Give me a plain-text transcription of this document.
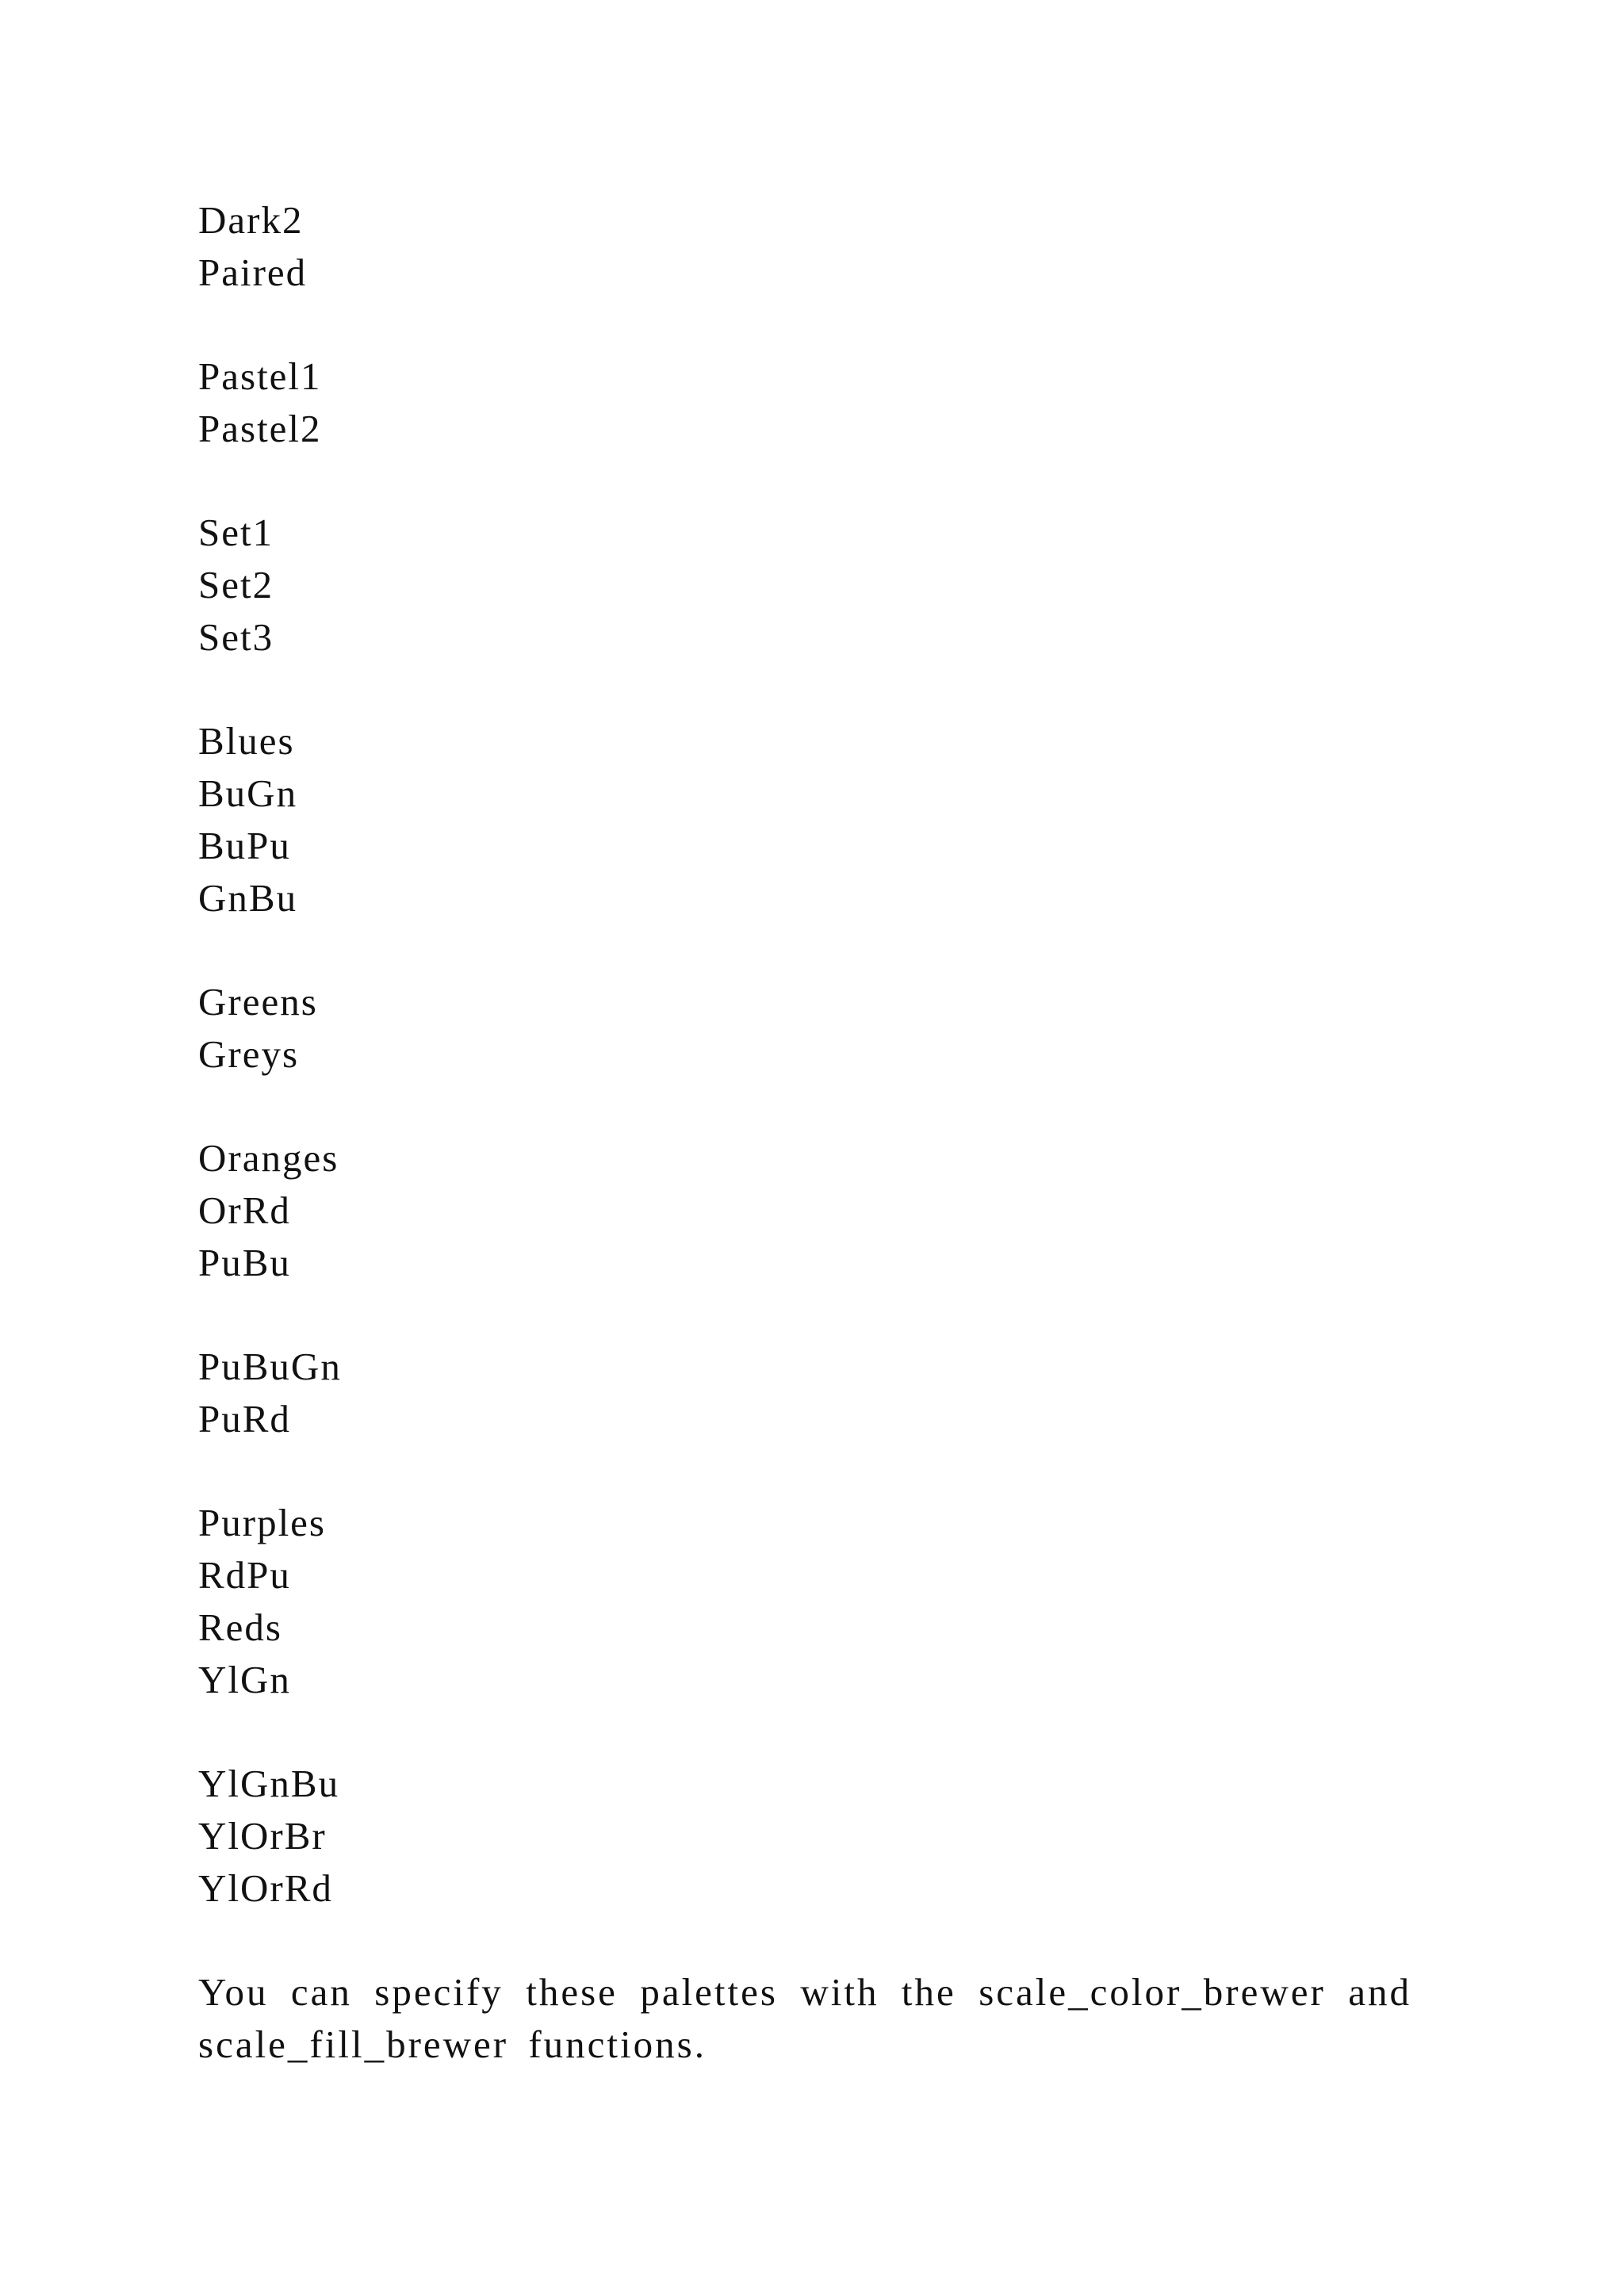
Dark2
Paired
Pastel1
Pastel2
Set1
Set2
Set3
Blues
BuGn
BuPu
GnBu
Greens
Greys
Oranges
OrRd
PuBu
PuBuGn
PuRd
Purples
RdPu
Reds
YlGn
YlGnBu
YlOrBr
YlOrRd

You can specify these palettes with the scale_color_brewer and scale_fill_brewer functions.
